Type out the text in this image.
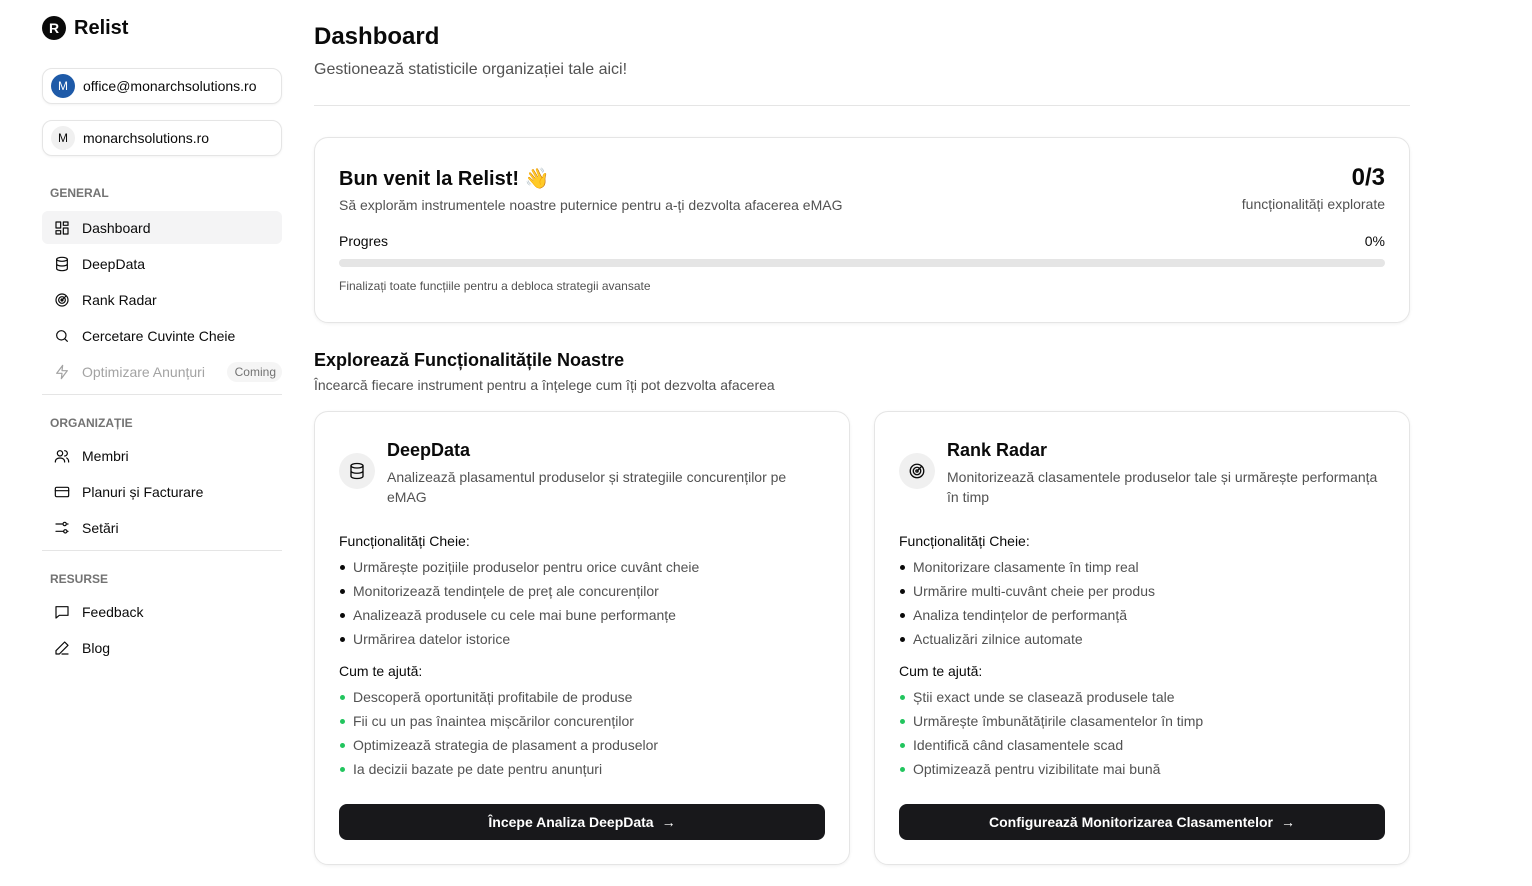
R Relist
M	office@monarchsolutions.ro
M	monarchsolutions.ro
GENERAL
Dashboard
DeepData
Rank Radar
Cercetare Cuvinte Cheie
Optimizare Anunțuri	Coming
ORGANIZAȚIE
Membri
Planuri și Facturare
Setări
RESURSE
Feedback
Blog
Dashboard
Gestionează statisticile organizației tale aici!
Bun venit la Relist! 👋
Să explorăm instrumentele noastre puternice pentru a-ți dezvolta afacerea eMAG
0/3
funcționalități explorate
Progres	0%
Finalizați toate funcțiile pentru a debloca strategii avansate
Explorează Funcționalitățile Noastre
Încearcă fiecare instrument pentru a înțelege cum îți pot dezvolta afacerea
DeepData
Analizează plasamentul produselor și strategiile concurenților pe eMAG
Funcționalități Cheie:
Urmărește pozițiile produselor pentru orice cuvânt cheie
Monitorizează tendințele de preț ale concurenților
Analizează produsele cu cele mai bune performanțe
Urmărirea datelor istorice
Cum te ajută:
Descoperă oportunități profitabile de produse
Fii cu un pas înaintea mișcărilor concurenților
Optimizează strategia de plasament a produselor
Ia decizii bazate pe date pentru anunțuri
Începe Analiza DeepData →
Rank Radar
Monitorizează clasamentele produselor tale și urmărește performanța în timp
Funcționalități Cheie:
Monitorizare clasamente în timp real
Urmărire multi-cuvânt cheie per produs
Analiza tendințelor de performanță
Actualizări zilnice automate
Cum te ajută:
Știi exact unde se clasează produsele tale
Urmărește îmbunătățirile clasamentelor în timp
Identifică când clasamentele scad
Optimizează pentru vizibilitate mai bună
Configurează Monitorizarea Clasamentelor →
